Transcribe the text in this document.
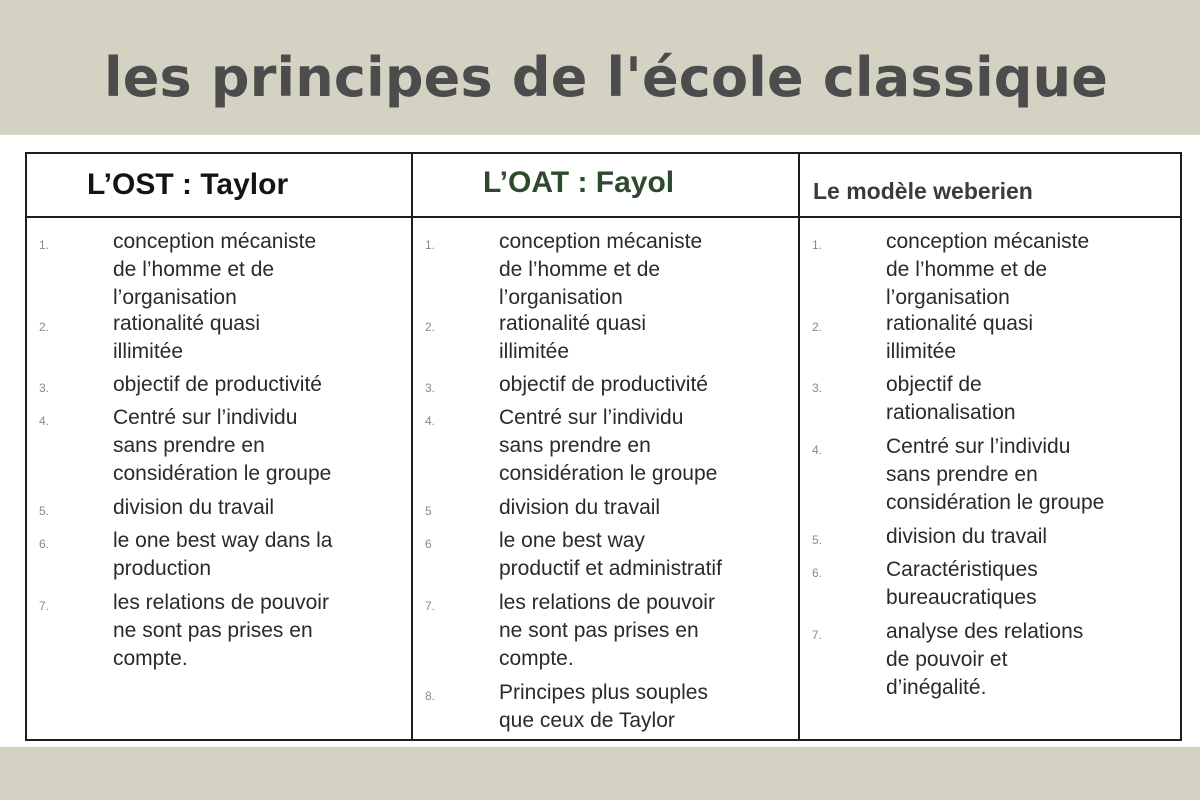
les principes de l'école classique
L’OST : Taylor
1.	conception mécaniste
de l’homme et de
l’organisation
2.	rationalité quasi
illimitée
3.	objectif de productivité
4.	Centré sur l’individu
sans prendre en
considération le groupe
5.	division du travail
6.	le one best way dans la
production
7.	les relations de pouvoir
ne sont pas prises en
compte.
L’OAT : Fayol
1.	conception mécaniste
de l’homme et de
l’organisation
2.	rationalité quasi
illimitée
3.	objectif de productivité
4.	Centré sur l’individu
sans prendre en
considération le groupe
5	division du travail
6	le one best way
productif et administratif
7.	les relations de pouvoir
ne sont pas prises en
compte.
8.	Principes plus souples
que ceux de Taylor
Le modèle weberien
1.	conception mécaniste
de l’homme et de
l’organisation
2.	rationalité quasi
illimitée
3.	objectif de
rationalisation
4.	Centré sur l’individu
sans prendre en
considération le groupe
5.	division du travail
6.	Caractéristiques
bureaucratiques
7.	analyse des relations
de pouvoir et
d’inégalité.
